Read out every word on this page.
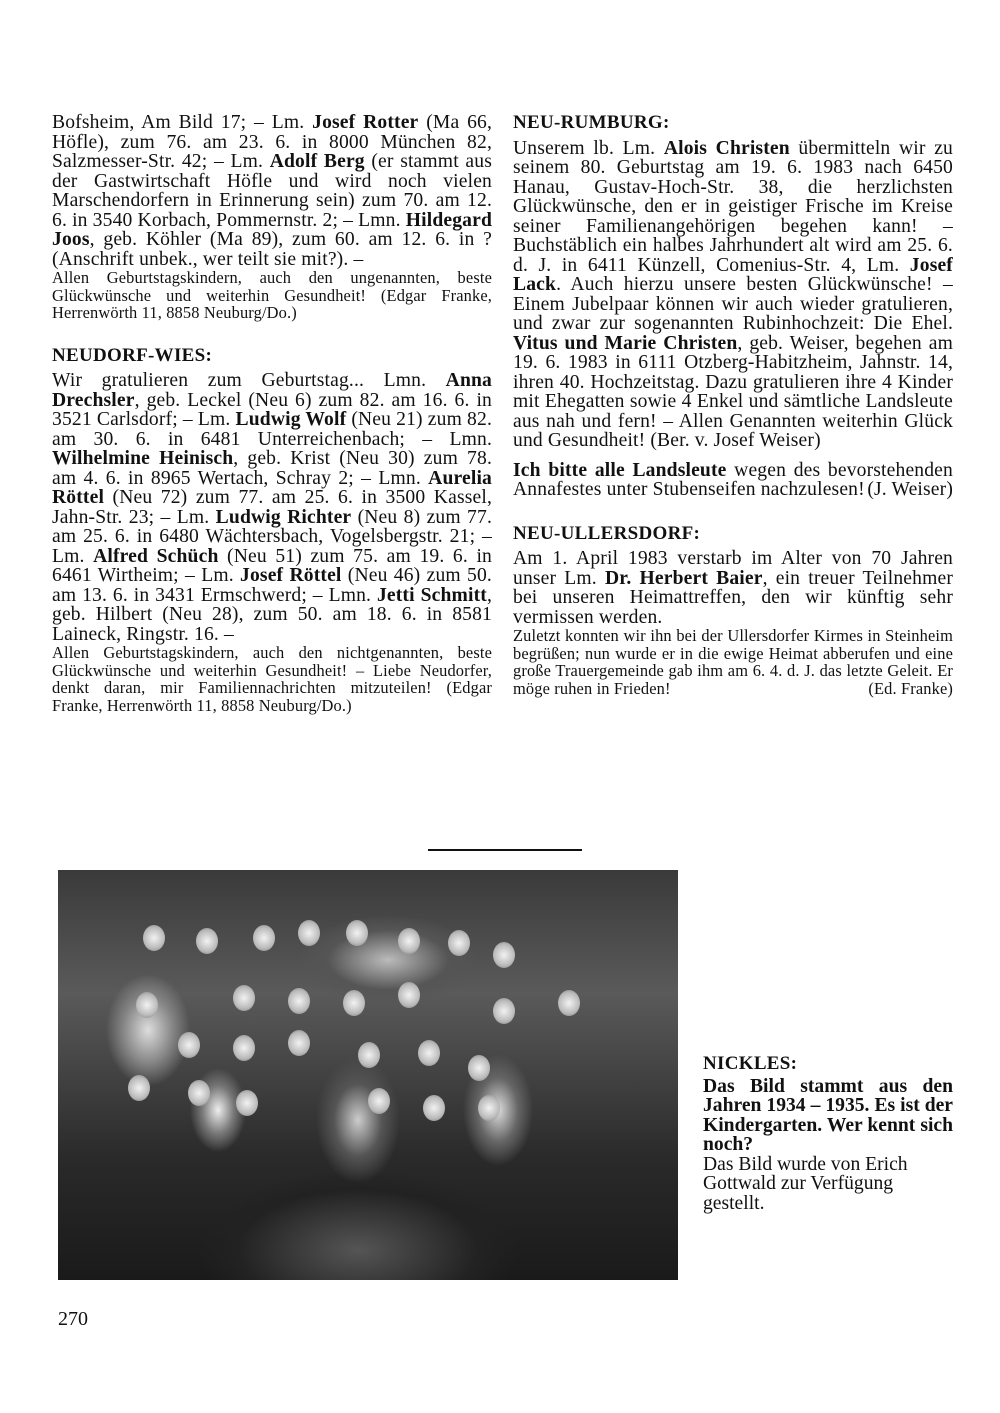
Bofsheim, Am Bild 17; – Lm. Josef Rotter (Ma 66, Höfle), zum 76. am 23. 6. in 8000 München 82, Salzmesser-Str. 42; – Lm. Adolf Berg (er stammt aus der Gastwirtschaft Höfle und wird noch vielen Marschendorfern in Erinnerung sein) zum 70. am 12. 6. in 3540 Korbach, Pommernstr. 2; – Lmn. Hildegard Joos, geb. Köhler (Ma 89), zum 60. am 12. 6. in ? (Anschrift unbek., wer teilt sie mit?). –

Allen Geburtstagskindern, auch den ungenannten, beste Glückwünsche und weiterhin Gesundheit! (Edgar Franke, Herrenwörth 11, 8858 Neuburg/Do.)

NEUDORF-WIES:

Wir gratulieren zum Geburtstag... Lmn. Anna Drechsler, geb. Leckel (Neu 6) zum 82. am 16. 6. in 3521 Carlsdorf; – Lm. Ludwig Wolf (Neu 21) zum 82. am 30. 6. in 6481 Unterreichenbach; – Lmn. Wilhelmine Heinisch, geb. Krist (Neu 30) zum 78. am 4. 6. in 8965 Wertach, Schray 2; – Lmn. Aurelia Röttel (Neu 72) zum 77. am 25. 6. in 3500 Kassel, Jahn-Str. 23; – Lm. Ludwig Richter (Neu 8) zum 77. am 25. 6. in 6480 Wächtersbach, Vogelsbergstr. 21; – Lm. Alfred Schüch (Neu 51) zum 75. am 19. 6. in 6461 Wirtheim; – Lm. Josef Röttel (Neu 46) zum 50. am 13. 6. in 3431 Ermschwerd; – Lmn. Jetti Schmitt, geb. Hilbert (Neu 28), zum 50. am 18. 6. in 8581 Laineck, Ringstr. 16. –

Allen Geburtstagskindern, auch den nichtgenannten, beste Glückwünsche und weiterhin Gesundheit! – Liebe Neudorfer, denkt daran, mir Familiennachrichten mitzuteilen! (Edgar Franke, Herrenwörth 11, 8858 Neuburg/Do.)

NEU-RUMBURG:

Unserem lb. Lm. Alois Christen übermitteln wir zu seinem 80. Geburtstag am 19. 6. 1983 nach 6450 Hanau, Gustav-Hoch-Str. 38, die herzlichsten Glückwünsche, den er in geistiger Frische im Kreise seiner Familienangehörigen begehen kann! – Buchstäblich ein halbes Jahrhundert alt wird am 25. 6. d. J. in 6411 Künzell, Comenius-Str. 4, Lm. Josef Lack. Auch hierzu unsere besten Glückwünsche! – Einem Jubelpaar können wir auch wieder gratulieren, und zwar zur sogenannten Rubinhochzeit: Die Ehel. Vitus und Marie Christen, geb. Weiser, begehen am 19. 6. 1983 in 6111 Otzberg-Habitzheim, Jahnstr. 14, ihren 40. Hochzeitstag. Dazu gratulieren ihre 4 Kinder mit Ehegatten sowie 4 Enkel und sämtliche Landsleute aus nah und fern! – Allen Genannten weiterhin Glück und Gesundheit! (Ber. v. Josef Weiser)

Ich bitte alle Landsleute wegen des bevorstehenden Annafestes unter Stubenseifen nachzulesen! (J. Weiser)

NEU-ULLERSDORF:

Am 1. April 1983 verstarb im Alter von 70 Jahren unser Lm. Dr. Herbert Baier, ein treuer Teilnehmer bei unseren Heimattreffen, den wir künftig sehr vermissen werden.

Zuletzt konnten wir ihn bei der Ullersdorfer Kirmes in Steinheim begrüßen; nun wurde er in die ewige Heimat abberufen und eine große Trauergemeinde gab ihm am 6. 4. d. J. das letzte Geleit. Er möge ruhen in Frieden!	(Ed. Franke)

NICKLES:
Das Bild stammt aus den Jahren 1934 – 1935. Es ist der Kindergarten. Wer kennt sich noch?
Das Bild wurde von Erich Gottwald zur Verfügung gestellt.
270
